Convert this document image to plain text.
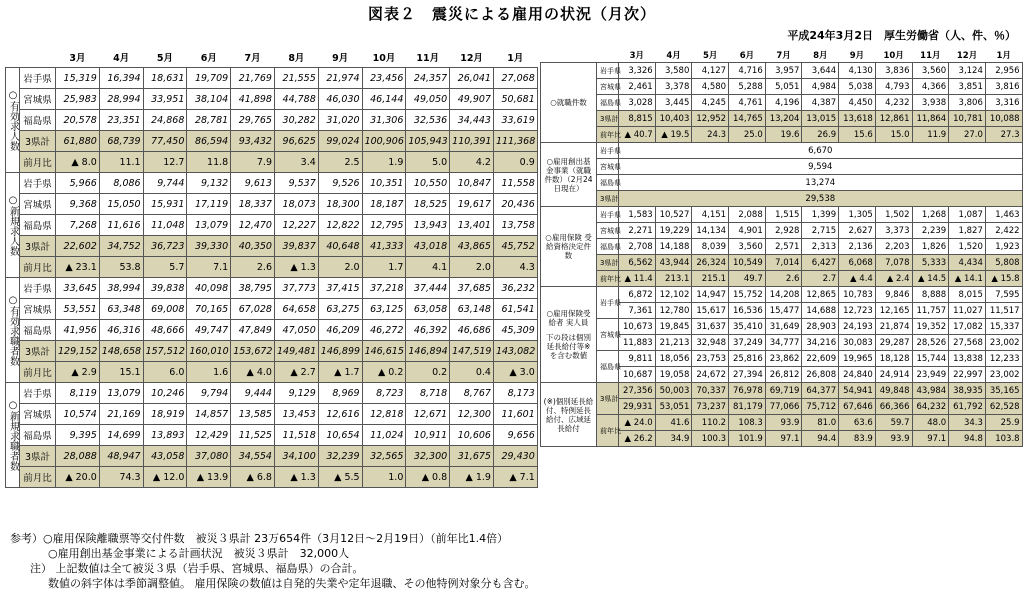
図表２　震災による雇用の状況（月次）
平成24年3月2日　厚生労働省（人、件、％）
		3月	4月	5月	6月	7月	8月	9月	10月	11月	12月	1月
○有効求人数	岩手県	15,319	16,394	18,631	19,709	21,769	21,555	21,974	23,456	24,357	26,041	27,068
	宮城県	25,983	28,994	33,951	38,104	41,898	44,788	46,030	46,144	49,050	49,907	50,681
	福島県	20,578	23,351	24,868	28,781	29,765	30,282	31,020	31,306	32,536	34,443	33,619
	3県計	61,880	68,739	77,450	86,594	93,432	96,625	99,024	100,906	105,943	110,391	111,368
	前月比	▲ 8.0	11.1	12.7	11.8	7.9	3.4	2.5	1.9	5.0	4.2	0.9
○新規求人数	岩手県	5,966	8,086	9,744	9,132	9,613	9,537	9,526	10,351	10,550	10,847	11,558
	宮城県	9,368	15,050	15,931	17,119	18,337	18,073	18,300	18,187	18,525	19,617	20,436
	福島県	7,268	11,616	11,048	13,079	12,470	12,227	12,822	12,795	13,943	13,401	13,758
	3県計	22,602	34,752	36,723	39,330	40,350	39,837	40,648	41,333	43,018	43,865	45,752
	前月比	▲ 23.1	53.8	5.7	7.1	2.6	▲ 1.3	2.0	1.7	4.1	2.0	4.3
○有効求職者数	岩手県	33,645	38,994	39,838	40,098	38,795	37,773	37,415	37,218	37,444	37,685	36,232
	宮城県	53,551	63,348	69,008	70,165	67,028	64,658	63,275	63,125	63,058	63,148	61,541
	福島県	41,956	46,316	48,666	49,747	47,849	47,050	46,209	46,272	46,392	46,686	45,309
	3県計	129,152	148,658	157,512	160,010	153,672	149,481	146,899	146,615	146,894	147,519	143,082
	前月比	▲ 2.9	15.1	6.0	1.6	▲ 4.0	▲ 2.7	▲ 1.7	▲ 0.2	0.2	0.4	▲ 3.0
○新規求職者数	岩手県	8,119	13,079	10,246	9,794	9,444	9,129	8,969	8,723	8,718	8,767	8,173
	宮城県	10,574	21,169	18,919	14,857	13,585	13,453	12,616	12,818	12,671	12,300	11,601
	福島県	9,395	14,699	13,893	12,429	11,525	11,518	10,654	11,024	10,911	10,606	9,656
	3県計	28,088	48,947	43,058	37,080	34,554	34,100	32,239	32,565	32,300	31,675	29,430
	前月比	▲ 20.0	74.3	▲ 12.0	▲ 13.9	▲ 6.8	▲ 1.3	▲ 5.5	1.0	▲ 0.8	▲ 1.9	▲ 7.1
		3月	4月	5月	6月	7月	8月	9月	10月	11月	12月	1月
○就職件数	岩手県	3,326	3,580	4,127	4,716	3,957	3,644	4,130	3,836	3,560	3,124	2,956
	宮城県	2,461	3,378	4,580	5,288	5,051	4,984	5,038	4,793	4,366	3,851	3,816
	福島県	3,028	3,445	4,245	4,761	4,196	4,387	4,450	4,232	3,938	3,806	3,316
	3県計	8,815	10,403	12,952	14,765	13,204	13,015	13,618	12,861	11,864	10,781	10,088
	前年比	▲ 40.7	▲ 19.5	24.3	25.0	19.6	26.9	15.6	15.0	11.9	27.0	27.3
○雇用創出基金事業（就職件数）（2月24日現在）	岩手県	6,670										
	宮城県	9,594										
	福島県	13,274										
	3県計	29,538										
○雇用保険 受給資格決定件数	岩手県	1,583	10,527	4,151	2,088	1,515	1,399	1,305	1,502	1,268	1,087	1,463
	宮城県	2,271	19,229	14,134	4,901	2,928	2,715	2,627	3,373	2,239	1,827	2,422
	福島県	2,708	14,188	8,039	3,560	2,571	2,313	2,136	2,203	1,826	1,520	1,923
	3県計	6,562	43,944	26,324	10,549	7,014	6,427	6,068	7,078	5,333	4,434	5,808
	前年比	▲ 11.4	213.1	215.1	49.7	2.6	2.7	▲ 4.4	▲ 2.4	▲ 14.5	▲ 14.1	▲ 15.8

○雇用保険受給者 実人員
下の段は個別延長給付等※を含む数値	岩手県	6,872	12,102	14,947	15,752	14,208	12,865	10,783	9,846	8,888	8,015	7,595
		7,361	12,780	15,617	16,536	15,477	14,688	12,723	12,165	11,757	11,027	11,517
	宮城県	10,673	19,845	31,637	35,410	31,649	28,903	24,193	21,874	19,352	17,082	15,337
		11,883	21,213	32,948	37,249	34,777	34,216	30,083	29,287	28,526	27,568	23,002
	福島県	9,811	18,056	23,753	25,816	23,862	22,609	19,965	18,128	15,744	13,838	12,233
		10,687	19,058	24,672	27,394	26,812	26,808	24,840	24,914	23,949	22,997	23,002
(※)個別延長給付、特例延長給付、広域延長給付	3県計	27,356	50,003	70,337	76,978	69,719	64,377	54,941	49,848	43,984	38,935	35,165
		29,931	53,051	73,237	81,179	77,066	75,712	67,646	66,366	64,232	61,792	62,528
	前年比	▲ 24.0	41.6	110.2	108.3	93.9	81.0	63.6	59.7	48.0	34.3	25.9
		▲ 26.2	34.9	100.3	101.9	97.1	94.4	83.9	93.9	97.1	94.8	103.8
参考）○雇用保険離職票等交付件数　被災３県計 23万654件（3月12日～2月19日）（前年比1.4倍）
○雇用創出基金事業による計画状況　被災３県計　32,000人
注） 上記数値は全て被災３県（岩手県、宮城県、福島県）の合計。
数値の斜字体は季節調整値。 雇用保険の数値は自発的失業や定年退職、その他特例対象分も含む。
